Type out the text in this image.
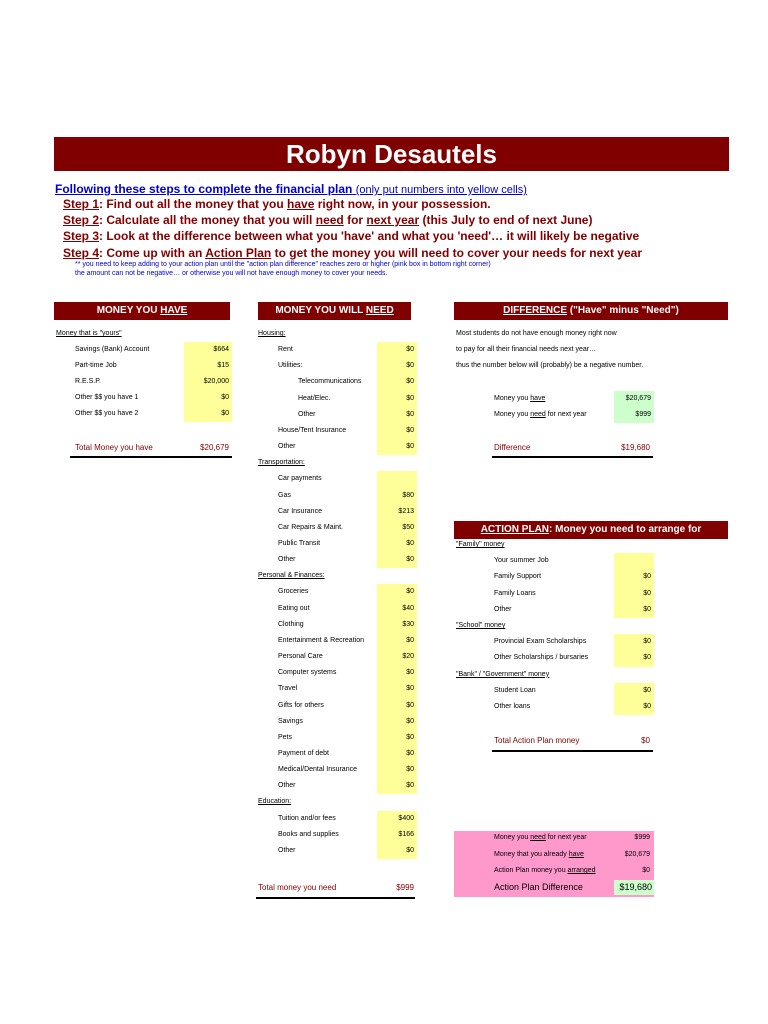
Robyn Desautels
Following these steps to complete the financial plan (only put numbers into yellow cells)
Step 1: Find out all the money that you have right now, in your possession.
Step 2: Calculate all the money that you will need for next year (this July to end of next June)
Step 3: Look at the difference between what you 'have' and what you 'need'… it will likely be negative
Step 4: Come up with an Action Plan to get the money you will need to cover your needs for next year
** you need to keep adding to your action plan until the "action plan difference" reaches zero or higher (pink box in bottom right corner)
the amount can not be negative… or otherwise you will not have enough money to cover your needs.
MONEY YOU HAVE
Money that is "yours"
Savings (Bank) Account	$664
Part-time Job	$15
R.E.S.P.	$20,000
Other $$ you have 1	$0
Other $$ you have 2	$0
Total Money you have	$20,679
MONEY YOU WILL NEED
Housing:
Rent	$0
Utilities:	$0
Telecommunications	$0
Heat/Elec.	$0
Other	$0
House/Tent Insurance	$0
Other	$0
Transportation:
Car payments
Gas	$80
Car Insurance	$213
Car Repairs & Maint.	$50
Public Transit	$0
Other	$0
Personal & Finances:
Groceries	$0
Eating out	$40
Clothing	$30
Entertainment & Recreation	$0
Personal Care	$20
Computer systems	$0
Travel	$0
Gifts for others	$0
Savings	$0
Pets	$0
Payment of debt	$0
Medical/Dental Insurance	$0
Other	$0
Education:
Tuition and/or fees	$400
Books and supplies	$166
Other	$0
Total money you need	$999
DIFFERENCE ("Have" minus "Need")
Most students do not have enough money right now
to pay for all their financial needs next year…
thus the number below will (probably) be a negative number.
Money you have	$20,679
Money you need for next year	$999
Difference	$19,680
ACTION PLAN: Money you need to arrange for
"Family" money
Your summer Job
Family Support	$0
Family Loans	$0
Other	$0
"School" money
Provincial Exam Scholarships	$0
Other Scholarships / bursaries	$0
"Bank" / "Government" money
Student Loan	$0
Other loans	$0
Total Action Plan money	$0
Money you need for next year	$999
Money that you already have	$20,679
Action Plan money you arranged	$0
Action Plan Difference	$19,680
